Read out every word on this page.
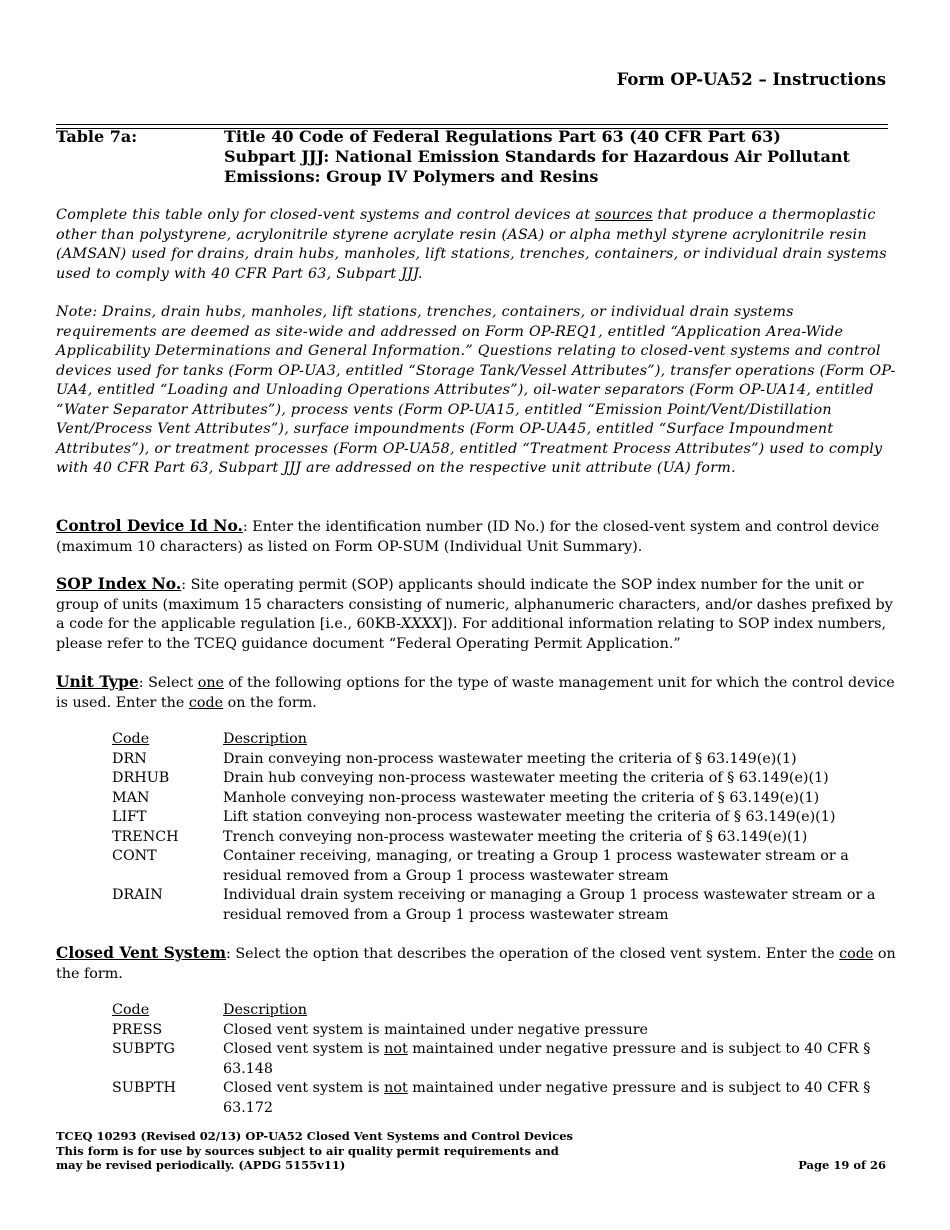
Form OP-UA52 – Instructions
Table 7a:	Title 40 Code of Federal Regulations Part 63 (40 CFR Part 63)
Subpart JJJ: National Emission Standards for Hazardous Air Pollutant
Emissions: Group IV Polymers and Resins
Complete this table only for closed-vent systems and control devices at sources that produce a thermoplastic other than polystyrene, acrylonitrile styrene acrylate resin (ASA) or alpha methyl styrene acrylonitrile resin (AMSAN) used for drains, drain hubs, manholes, lift stations, trenches, containers, or individual drain systems used to comply with 40 CFR Part 63, Subpart JJJ.
Note: Drains, drain hubs, manholes, lift stations, trenches, containers, or individual drain systems requirements are deemed as site-wide and addressed on Form OP-REQ1, entitled “Application Area-Wide Applicability Determinations and General Information.” Questions relating to closed-vent systems and control devices used for tanks (Form OP-UA3, entitled “Storage Tank/Vessel Attributes”), transfer operations (Form OP-UA4, entitled “Loading and Unloading Operations Attributes”), oil-water separators (Form OP-UA14, entitled “Water Separator Attributes”), process vents (Form OP-UA15, entitled “Emission Point/Vent/Distillation Vent/Process Vent Attributes”), surface impoundments (Form OP-UA45, entitled “Surface Impoundment Attributes”), or treatment processes (Form OP-UA58, entitled “Treatment Process Attributes”) used to comply with 40 CFR Part 63, Subpart JJJ are addressed on the respective unit attribute (UA) form.
Control Device Id No.: Enter the identification number (ID No.) for the closed-vent system and control device (maximum 10 characters) as listed on Form OP-SUM (Individual Unit Summary).
SOP Index No.: Site operating permit (SOP) applicants should indicate the SOP index number for the unit or group of units (maximum 15 characters consisting of numeric, alphanumeric characters, and/or dashes prefixed by a code for the applicable regulation [i.e., 60KB-XXXX]). For additional information relating to SOP index numbers, please refer to the TCEQ guidance document “Federal Operating Permit Application.”
Unit Type: Select one of the following options for the type of waste management unit for which the control device is used. Enter the code on the form.
Code	Description
DRN	Drain conveying non-process wastewater meeting the criteria of § 63.149(e)(1)
DRHUB	Drain hub conveying non-process wastewater meeting the criteria of § 63.149(e)(1)
MAN	Manhole conveying non-process wastewater meeting the criteria of § 63.149(e)(1)
LIFT	Lift station conveying non-process wastewater meeting the criteria of § 63.149(e)(1)
TRENCH	Trench conveying non-process wastewater meeting the criteria of § 63.149(e)(1)
CONT	Container receiving, managing, or treating a Group 1 process wastewater stream or a residual removed from a Group 1 process wastewater stream
DRAIN	Individual drain system receiving or managing a Group 1 process wastewater stream or a residual removed from a Group 1 process wastewater stream
Closed Vent System: Select the option that describes the operation of the closed vent system. Enter the code on the form.
Code	Description
PRESS	Closed vent system is maintained under negative pressure
SUBPTG	Closed vent system is not maintained under negative pressure and is subject to 40 CFR § 63.148
SUBPTH	Closed vent system is not maintained under negative pressure and is subject to 40 CFR § 63.172
TCEQ 10293 (Revised 02/13) OP-UA52 Closed Vent Systems and Control Devices
This form is for use by sources subject to air quality permit requirements and
may be revised periodically. (APDG 5155v11)	Page 19 of 26
